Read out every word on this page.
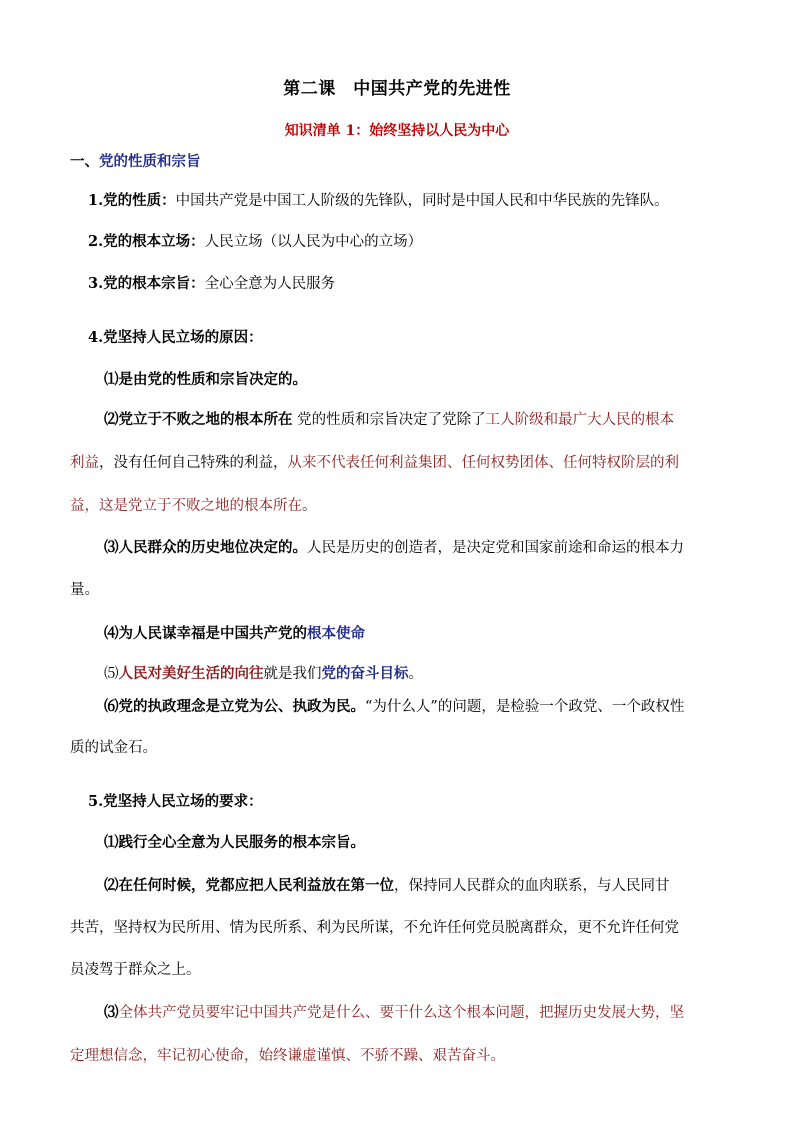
第二课　中国共产党的先进性
知识清单 1：始终坚持以人民为中心
一、党的性质和宗旨
1.党的性质：中国共产党是中国工人阶级的先锋队，同时是中国人民和中华民族的先锋队。
2.党的根本立场：人民立场（以人民为中心的立场）
3.党的根本宗旨：全心全意为人民服务
4.党坚持人民立场的原因：
⑴是由党的性质和宗旨决定的。
⑵党立于不败之地的根本所在 党的性质和宗旨决定了党除了工人阶级和最广大人民的根本
利益，没有任何自己特殊的利益，从来不代表任何利益集团、任何权势团体、任何特权阶层的利
益，这是党立于不败之地的根本所在。
⑶人民群众的历史地位决定的。人民是历史的创造者，是决定党和国家前途和命运的根本力
量。
⑷为人民谋幸福是中国共产党的根本使命
⑸人民对美好生活的向往就是我们党的奋斗目标。
⑹党的执政理念是立党为公、执政为民。“为什么人”的问题，是检验一个政党、一个政权性
质的试金石。
5.党坚持人民立场的要求：
⑴践行全心全意为人民服务的根本宗旨。
⑵在任何时候，党都应把人民利益放在第一位，保持同人民群众的血肉联系，与人民同甘
共苦，坚持权为民所用、情为民所系、利为民所谋，不允许任何党员脱离群众，更不允许任何党
员凌驾于群众之上。
⑶全体共产党员要牢记中国共产党是什么、要干什么这个根本问题，把握历史发展大势，坚
定理想信念，牢记初心使命，始终谦虚谨慎、不骄不躁、艰苦奋斗。
